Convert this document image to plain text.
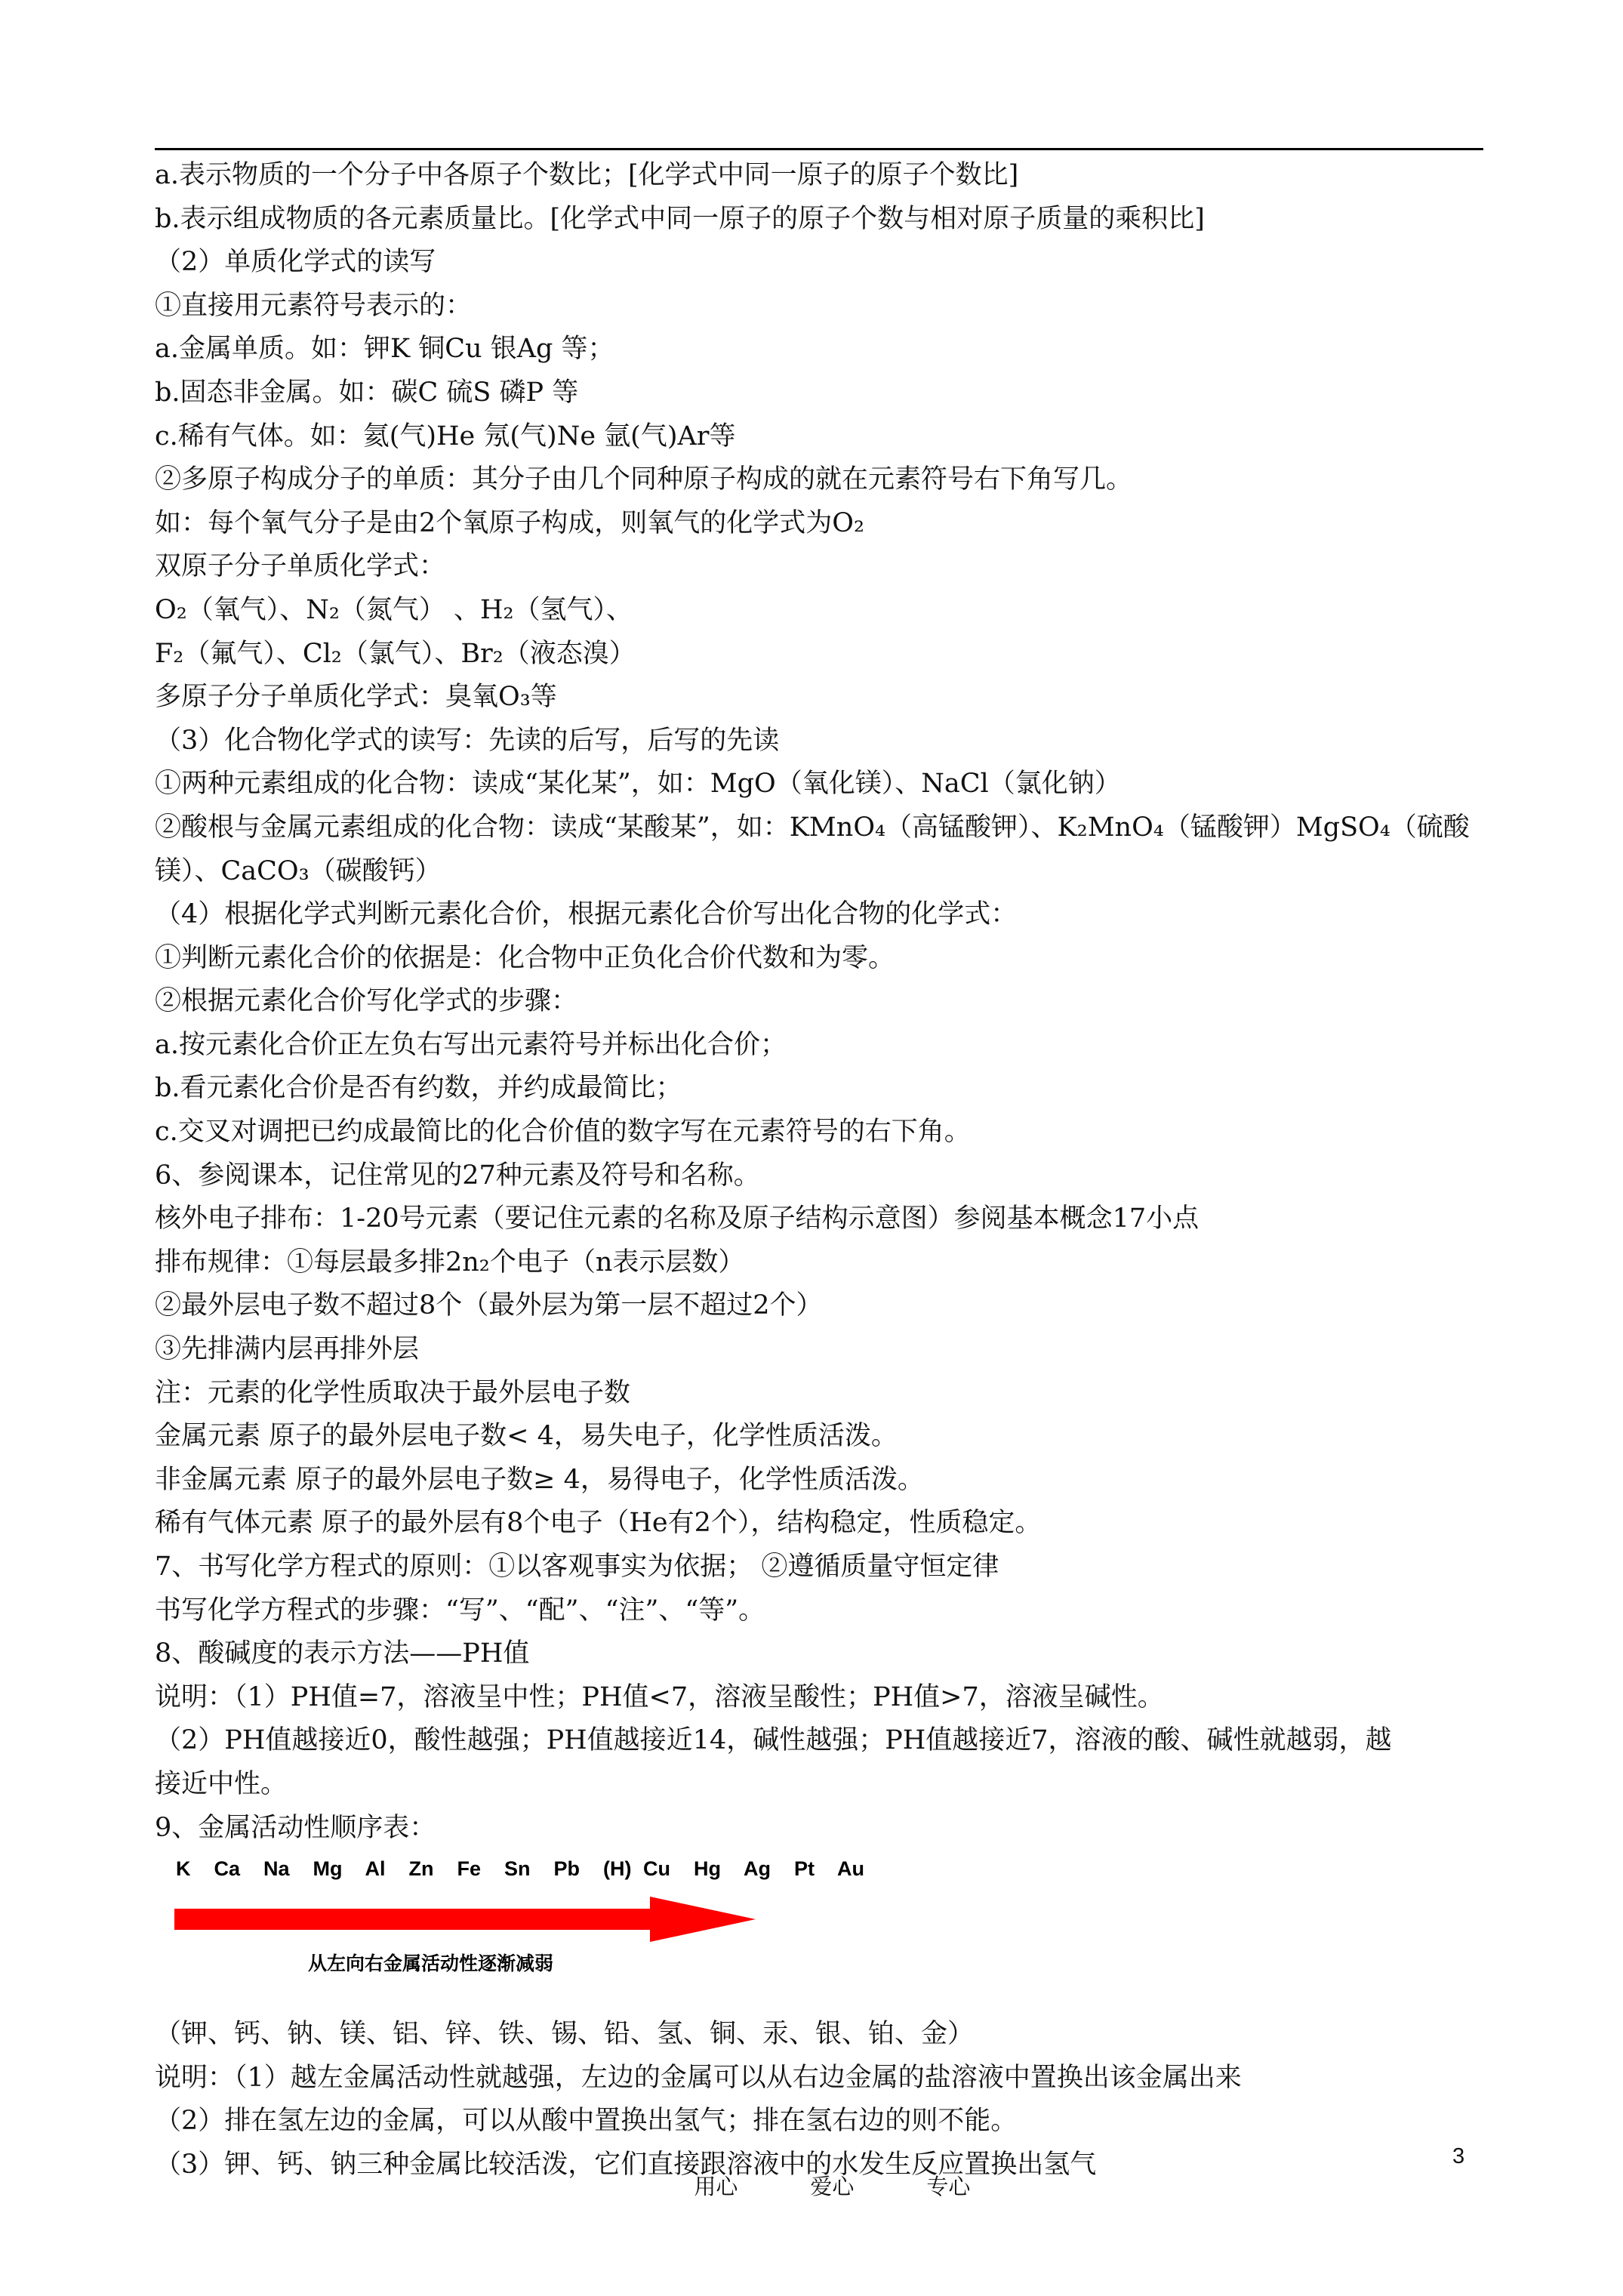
a.表示物质的一个分子中各原子个数比；[化学式中同一原子的原子个数比]
b.表示组成物质的各元素质量比。[化学式中同一原子的原子个数与相对原子质量的乘积比]
（2）单质化学式的读写
①直接用元素符号表示的：
a.金属单质。如：钾K 铜Cu 银Ag 等；
b.固态非金属。如：碳C 硫S 磷P 等
c.稀有气体。如：氦(气)He 氖(气)Ne 氩(气)Ar等
②多原子构成分子的单质：其分子由几个同种原子构成的就在元素符号右下角写几。
如：每个氧气分子是由2个氧原子构成，则氧气的化学式为O₂
双原子分子单质化学式：
O₂（氧气）、N₂（氮气） 、H₂（氢气）、
F₂（氟气）、Cl₂（氯气）、Br₂（液态溴）
多原子分子单质化学式：臭氧O₃等
（3）化合物化学式的读写：先读的后写，后写的先读
①两种元素组成的化合物：读成“某化某”，如：MgO（氧化镁）、NaCl（氯化钠）
②酸根与金属元素组成的化合物：读成“某酸某”，如：KMnO₄（高锰酸钾）、K₂MnO₄（锰酸钾）MgSO₄（硫酸
镁）、CaCO₃（碳酸钙）
（4）根据化学式判断元素化合价，根据元素化合价写出化合物的化学式：
①判断元素化合价的依据是：化合物中正负化合价代数和为零。
②根据元素化合价写化学式的步骤：
a.按元素化合价正左负右写出元素符号并标出化合价；
b.看元素化合价是否有约数，并约成最简比；
c.交叉对调把已约成最简比的化合价值的数字写在元素符号的右下角。
6、参阅课本，记住常见的27种元素及符号和名称。
核外电子排布：1-20号元素（要记住元素的名称及原子结构示意图）参阅基本概念17小点
排布规律：①每层最多排2n₂个电子（n表示层数）
②最外层电子数不超过8个（最外层为第一层不超过2个）
③先排满内层再排外层
注：元素的化学性质取决于最外层电子数
金属元素 原子的最外层电子数< 4，易失电子，化学性质活泼。
非金属元素 原子的最外层电子数≥ 4，易得电子，化学性质活泼。
稀有气体元素 原子的最外层有8个电子（He有2个），结构稳定，性质稳定。
7、书写化学方程式的原则：①以客观事实为依据； ②遵循质量守恒定律
书写化学方程式的步骤：“写”、“配”、“注”、“等”。
8、酸碱度的表示方法——PH值
说明：（1）PH值=7，溶液呈中性；PH值<7，溶液呈酸性；PH值>7，溶液呈碱性。
（2）PH值越接近0，酸性越强；PH值越接近14，碱性越强；PH值越接近7，溶液的酸、碱性就越弱，越
接近中性。
9、金属活动性顺序表：
K  Ca  Na  Mg  Al  Zn  Fe  Sn  Pb  (H) Cu  Hg  Ag  Pt  Au
从左向右金属活动性逐渐减弱
（钾、钙、钠、镁、铝、锌、铁、锡、铅、氢、铜、汞、银、铂、金）
说明：（1）越左金属活动性就越强，左边的金属可以从右边金属的盐溶液中置换出该金属出来
（2）排在氢左边的金属，可以从酸中置换出氢气；排在氢右边的则不能。
（3）钾、钙、钠三种金属比较活泼，它们直接跟溶液中的水发生反应置换出氢气

用心	爱心	专心

3
